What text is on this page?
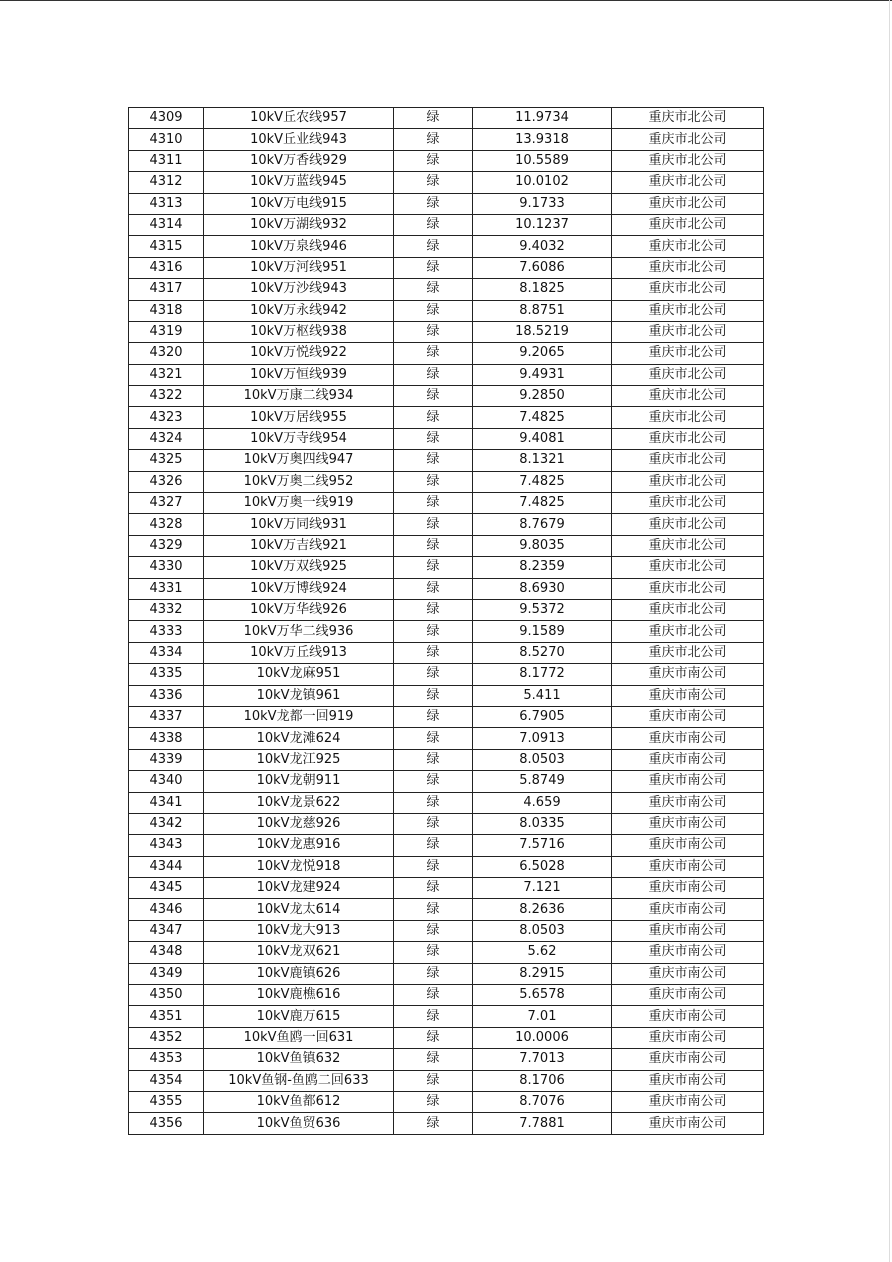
4309	10kV丘农线957	绿	11.9734	重庆市北公司
4310	10kV丘业线943	绿	13.9318	重庆市北公司
4311	10kV万香线929	绿	10.5589	重庆市北公司
4312	10kV万蓝线945	绿	10.0102	重庆市北公司
4313	10kV万电线915	绿	9.1733	重庆市北公司
4314	10kV万湖线932	绿	10.1237	重庆市北公司
4315	10kV万泉线946	绿	9.4032	重庆市北公司
4316	10kV万河线951	绿	7.6086	重庆市北公司
4317	10kV万沙线943	绿	8.1825	重庆市北公司
4318	10kV万永线942	绿	8.8751	重庆市北公司
4319	10kV万枢线938	绿	18.5219	重庆市北公司
4320	10kV万悦线922	绿	9.2065	重庆市北公司
4321	10kV万恒线939	绿	9.4931	重庆市北公司
4322	10kV万康二线934	绿	9.2850	重庆市北公司
4323	10kV万居线955	绿	7.4825	重庆市北公司
4324	10kV万寺线954	绿	9.4081	重庆市北公司
4325	10kV万奥四线947	绿	8.1321	重庆市北公司
4326	10kV万奥二线952	绿	7.4825	重庆市北公司
4327	10kV万奥一线919	绿	7.4825	重庆市北公司
4328	10kV万同线931	绿	8.7679	重庆市北公司
4329	10kV万吉线921	绿	9.8035	重庆市北公司
4330	10kV万双线925	绿	8.2359	重庆市北公司
4331	10kV万博线924	绿	8.6930	重庆市北公司
4332	10kV万华线926	绿	9.5372	重庆市北公司
4333	10kV万华二线936	绿	9.1589	重庆市北公司
4334	10kV万丘线913	绿	8.5270	重庆市北公司
4335	10kV龙麻951	绿	8.1772	重庆市南公司
4336	10kV龙镇961	绿	5.411	重庆市南公司
4337	10kV龙都一回919	绿	6.7905	重庆市南公司
4338	10kV龙滩624	绿	7.0913	重庆市南公司
4339	10kV龙江925	绿	8.0503	重庆市南公司
4340	10kV龙朝911	绿	5.8749	重庆市南公司
4341	10kV龙景622	绿	4.659	重庆市南公司
4342	10kV龙慈926	绿	8.0335	重庆市南公司
4343	10kV龙惠916	绿	7.5716	重庆市南公司
4344	10kV龙悦918	绿	6.5028	重庆市南公司
4345	10kV龙建924	绿	7.121	重庆市南公司
4346	10kV龙太614	绿	8.2636	重庆市南公司
4347	10kV龙大913	绿	8.0503	重庆市南公司
4348	10kV龙双621	绿	5.62	重庆市南公司
4349	10kV鹿镇626	绿	8.2915	重庆市南公司
4350	10kV鹿樵616	绿	5.6578	重庆市南公司
4351	10kV鹿万615	绿	7.01	重庆市南公司
4352	10kV鱼鸥一回631	绿	10.0006	重庆市南公司
4353	10kV鱼镇632	绿	7.7013	重庆市南公司
4354	10kV鱼钢-鱼鸥二回633	绿	8.1706	重庆市南公司
4355	10kV鱼都612	绿	8.7076	重庆市南公司
4356	10kV鱼贸636	绿	7.7881	重庆市南公司
